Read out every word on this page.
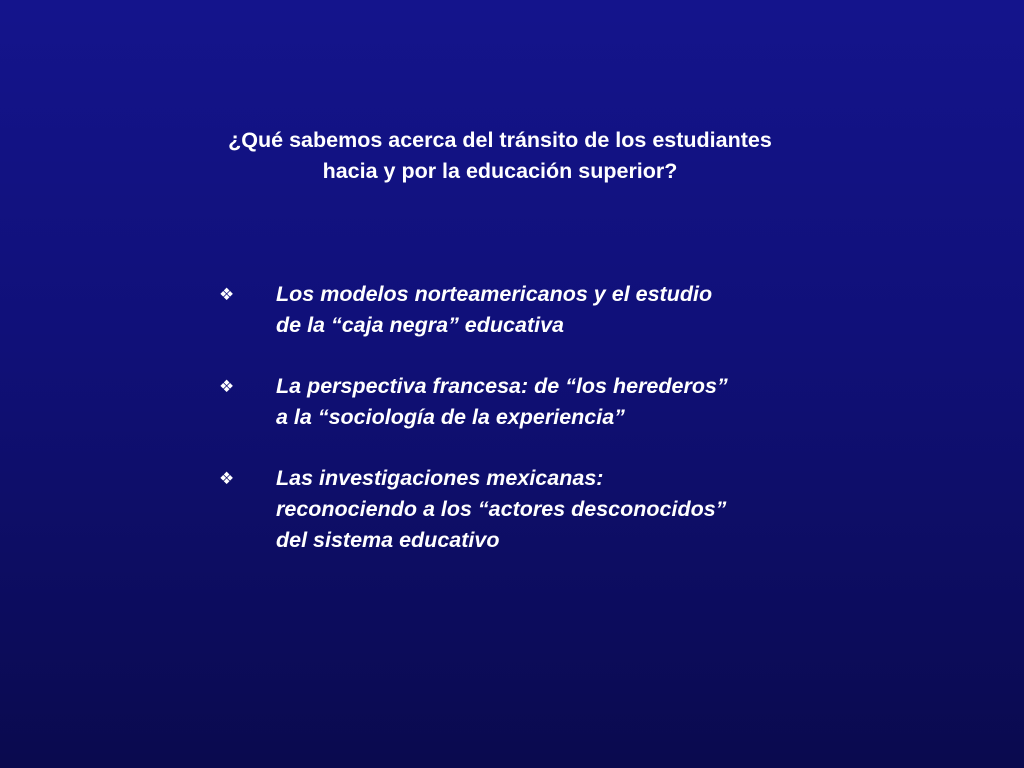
¿Qué sabemos acerca del tránsito de los estudiantes
hacia y por la educación superior?
❖ Los modelos norteamericanos y el estudio
de la “caja negra” educativa
❖ La perspectiva francesa: de “los herederos”
a la “sociología de la experiencia”
❖ Las investigaciones mexicanas:
reconociendo a los “actores desconocidos”
del sistema educativo
